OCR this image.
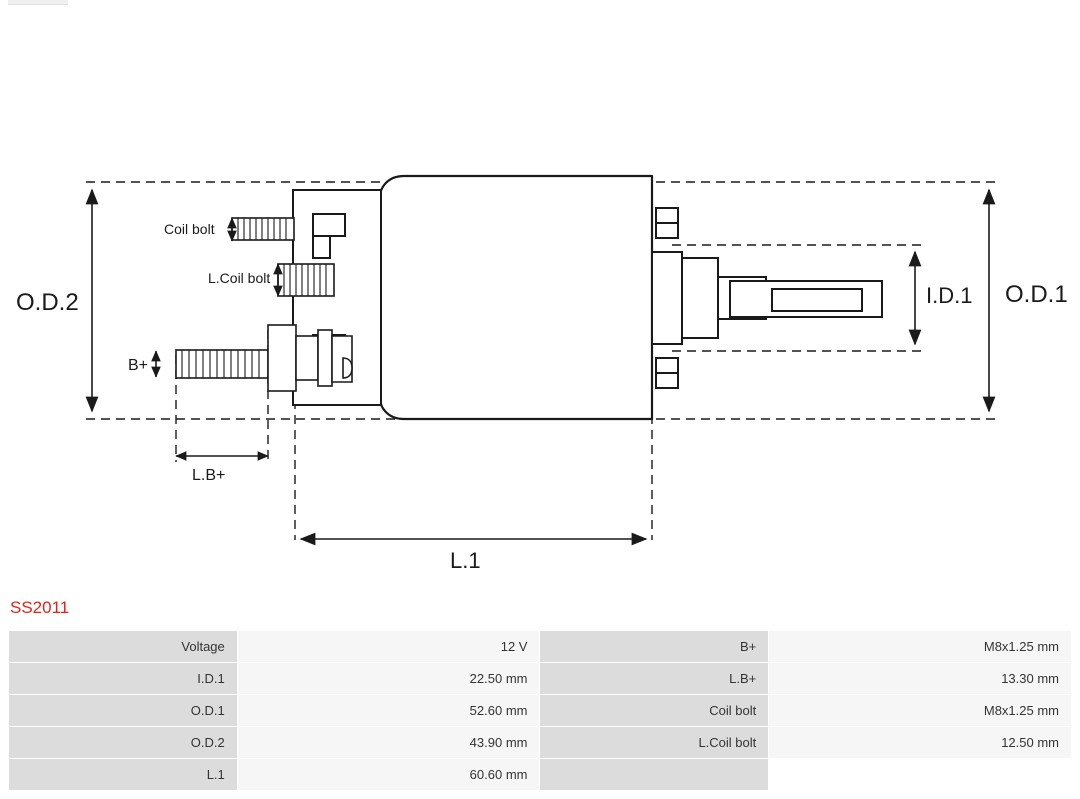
O.D.2	O.D.1
I.D.1
L.1
L.B+
B+
Coil bolt
L.Coil bolt
SS2011
Voltage	12 V	B+	M8x1.25 mm
I.D.1	22.50 mm	L.B+	13.30 mm
O.D.1	52.60 mm	Coil bolt	M8x1.25 mm
O.D.2	43.90 mm	L.Coil bolt	12.50 mm
L.1	60.60 mm		
